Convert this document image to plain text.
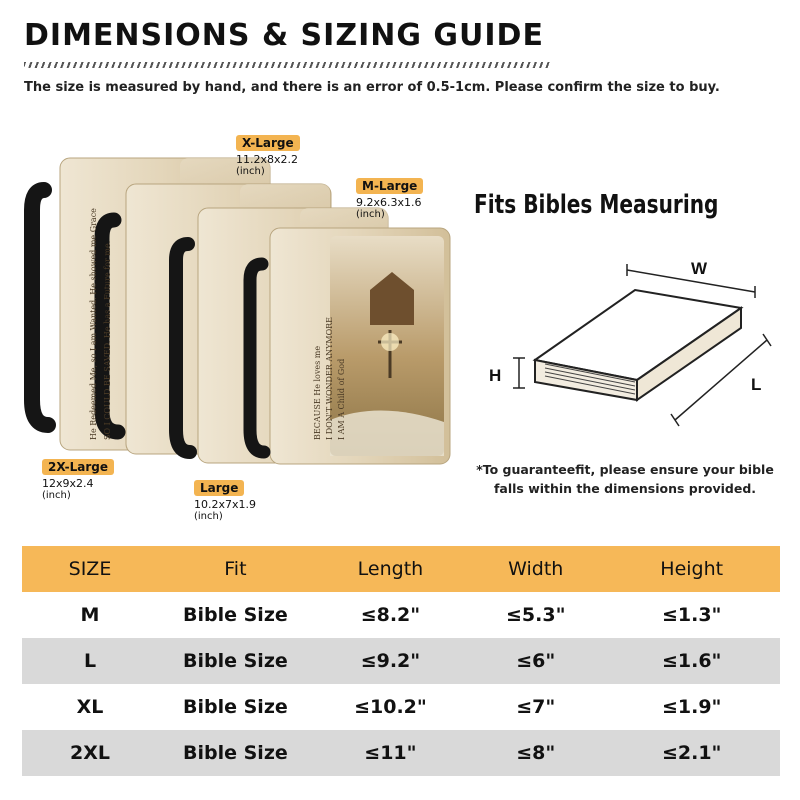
DIMENSIONS & SIZING GUIDE
The size is measured by hand, and there is an error of 0.5-1cm. Please confirm the size to buy.
He Redeemed Me, so I am Wanted. He showed me Grace SO I COULD BE SAVED. He has a Future for me.	BECAUSE He loves me I DON'T WONDER ANYMORE I AM A Child of God
X-Large
11.2x8x2.2
(inch)
M-Large
9.2x6.3x1.6
(inch)
2X-Large
12x9x2.4
(inch)
Large
10.2x7x1.9
(inch)
Fits Bibles Measuring
W
H	L
*To guaranteefit, please ensure your bible falls within the dimensions provided.
SIZE	Fit	Length	Width	Height
M	Bible Size	≤8.2"	≤5.3"	≤1.3"
L	Bible Size	≤9.2"	≤6"	≤1.6"
XL	Bible Size	≤10.2"	≤7"	≤1.9"
2XL	Bible Size	≤11"	≤8"	≤2.1"
